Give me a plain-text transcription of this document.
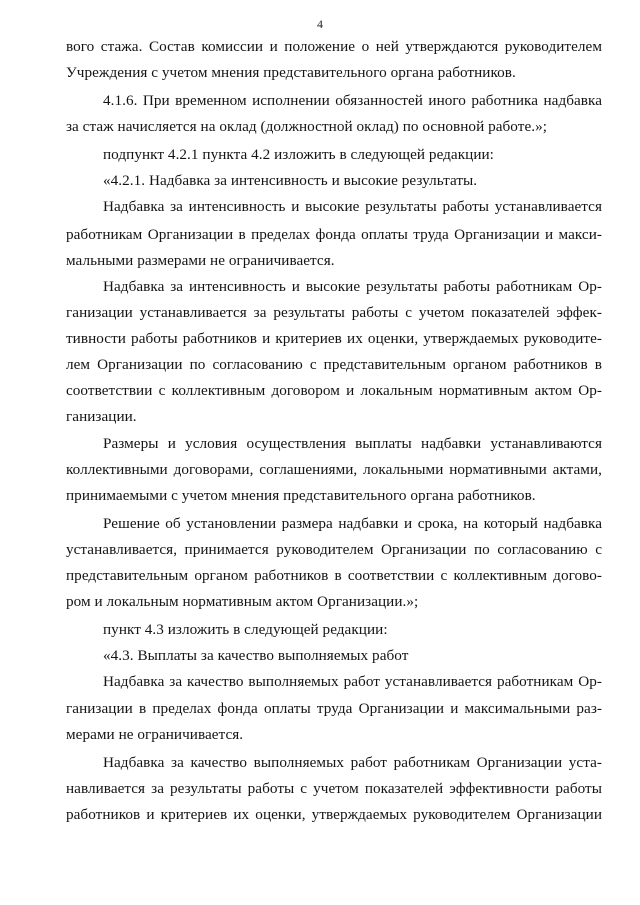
4
вого стажа. Состав комиссии и положение о ней утверждаются руководителем
Учреждения с учетом мнения представительного органа работников.
4.1.6. При временном исполнении обязанностей иного работника надбавка
за стаж начисляется на оклад (должностной оклад) по основной работе.»;
подпункт 4.2.1 пункта 4.2 изложить в следующей редакции:
«4.2.1. Надбавка за интенсивность и высокие результаты.
Надбавка за интенсивность и высокие результаты работы устанавливается
работникам Организации в пределах фонда оплаты труда Организации и макси-
мальными размерами не ограничивается.
Надбавка за интенсивность и высокие результаты работы работникам Ор-
ганизации устанавливается за результаты работы с учетом показателей эффек-
тивности работы работников и критериев их оценки, утверждаемых руководите-
лем Организации по согласованию с представительным органом работников в
соответствии с коллективным договором и локальным нормативным актом Ор-
ганизации.
Размеры и условия осуществления выплаты надбавки устанавливаются
коллективными договорами, соглашениями, локальными нормативными актами,
принимаемыми с учетом мнения представительного органа работников.
Решение об установлении размера надбавки и срока, на который надбавка
устанавливается, принимается руководителем Организации по согласованию с
представительным органом работников в соответствии с коллективным догово-
ром и локальным нормативным актом Организации.»;
пункт 4.3 изложить в следующей редакции:
«4.3. Выплаты за качество выполняемых работ
Надбавка за качество выполняемых работ устанавливается работникам Ор-
ганизации в пределах фонда оплаты труда Организации и максимальными раз-
мерами не ограничивается.
Надбавка за качество выполняемых работ работникам Организации уста-
навливается за результаты работы с учетом показателей эффективности работы
работников и критериев их оценки, утверждаемых руководителем Организации
